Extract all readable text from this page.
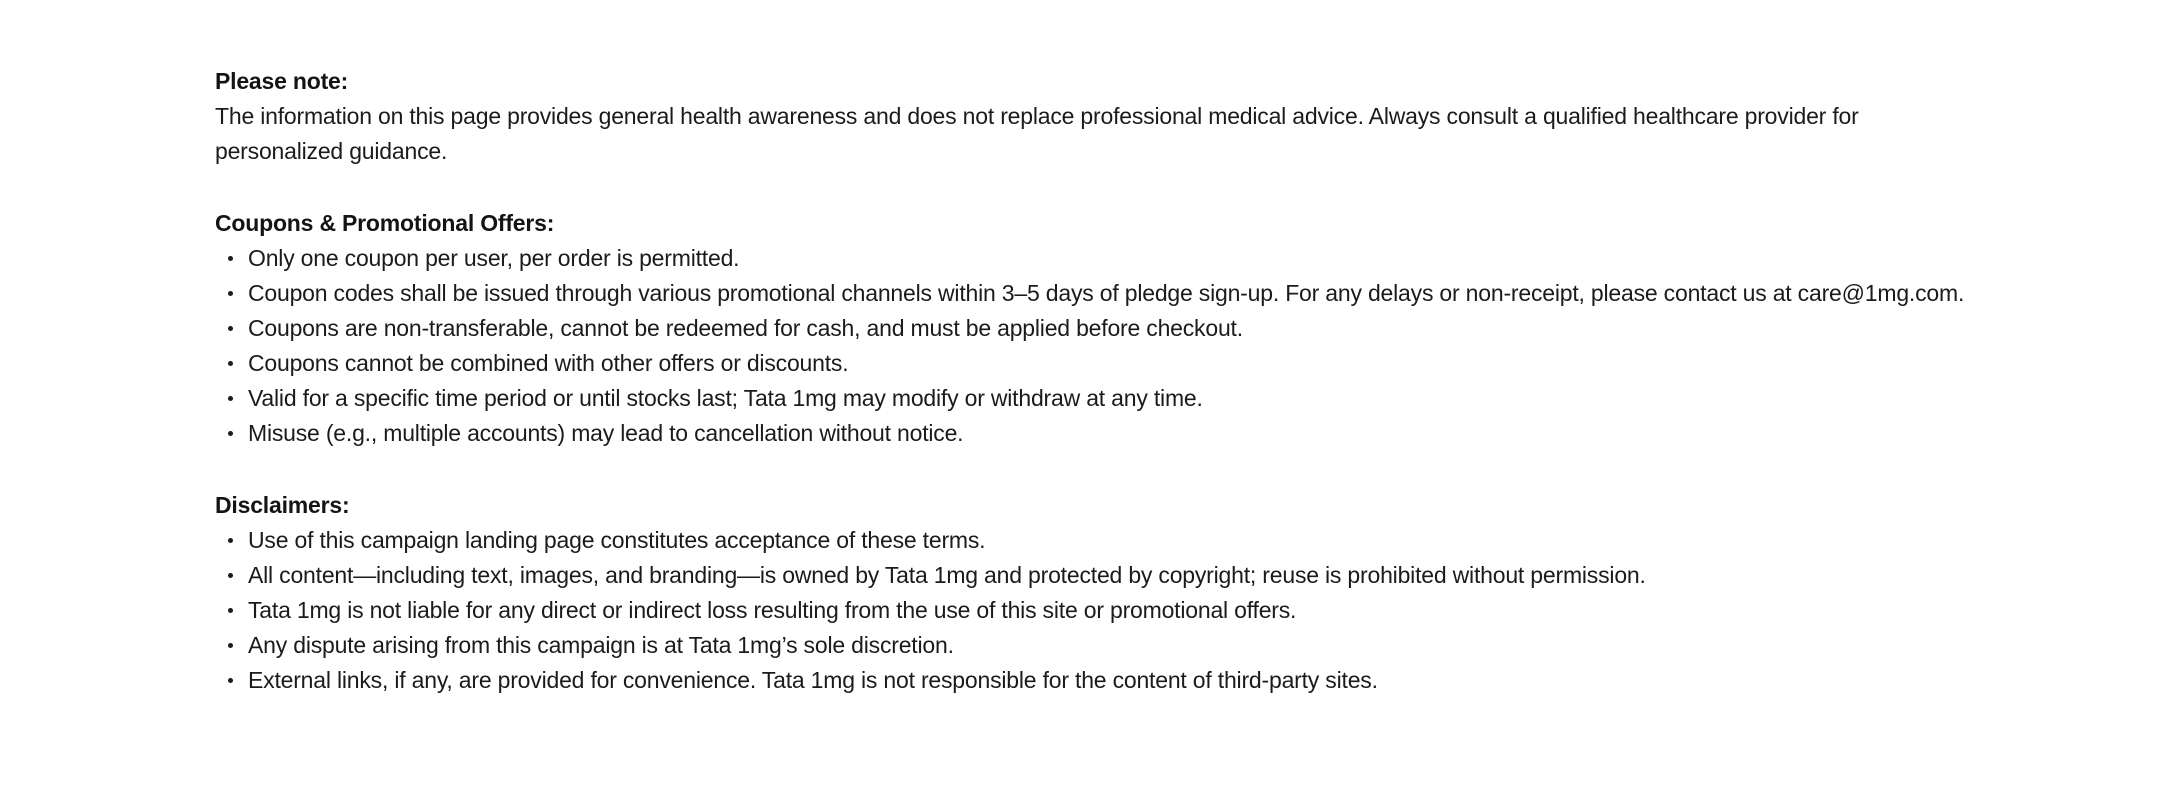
Please note:

The information on this page provides general health awareness and does not replace professional medical advice. Always consult a qualified healthcare provider for personalized guidance.

Coupons & Promotional Offers:
Only one coupon per user, per order is permitted.
Coupon codes shall be issued through various promotional channels within 3–5 days of pledge sign-up. For any delays or non-receipt, please contact us at care@1mg.com.
Coupons are non-transferable, cannot be redeemed for cash, and must be applied before checkout.
Coupons cannot be combined with other offers or discounts.
Valid for a specific time period or until stocks last; Tata 1mg may modify or withdraw at any time.
Misuse (e.g., multiple accounts) may lead to cancellation without notice.
Disclaimers:
Use of this campaign landing page constitutes acceptance of these terms.
All content—including text, images, and branding—is owned by Tata 1mg and protected by copyright; reuse is prohibited without permission.
Tata 1mg is not liable for any direct or indirect loss resulting from the use of this site or promotional offers.
Any dispute arising from this campaign is at Tata 1mg’s sole discretion.
External links, if any, are provided for convenience. Tata 1mg is not responsible for the content of third-party sites.
